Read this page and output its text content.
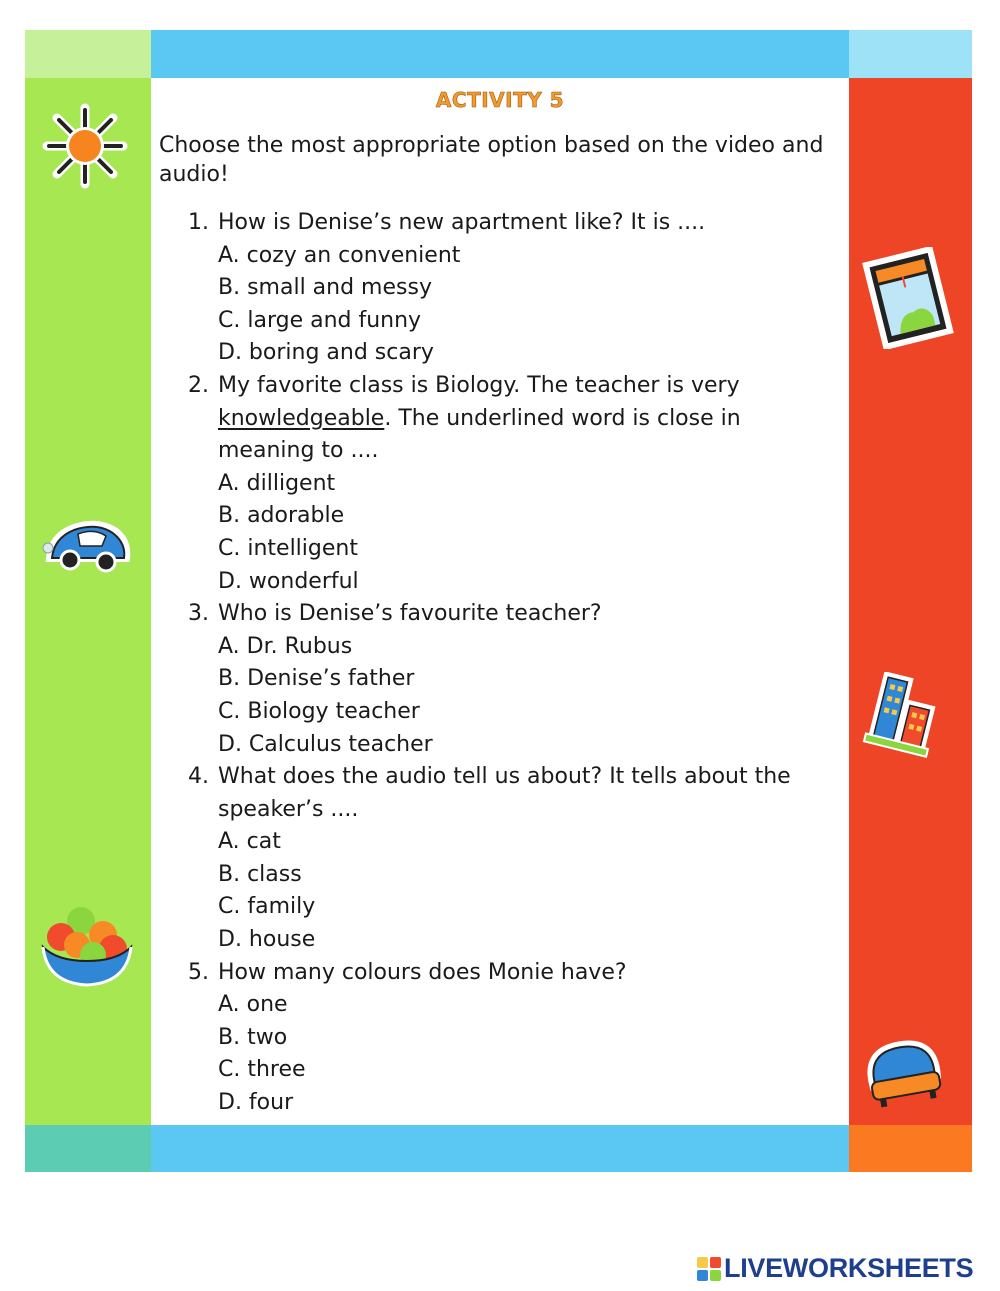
ACTIVITY 5
Choose the most appropriate option based on the video and audio!
1. How is Denise’s new apartment like? It is ....
A. cozy an convenient
B. small and messy
C. large and funny
D. boring and scary
2. My favorite class is Biology. The teacher is very knowledgeable. The underlined word is close in meaning to ....
A. dilligent
B. adorable
C. intelligent
D. wonderful
3. Who is Denise’s favourite teacher?
A. Dr. Rubus
B. Denise’s father
C. Biology teacher
D. Calculus teacher
4. What does the audio tell us about? It tells about the speaker’s ....
A. cat
B. class
C. family
D. house
5. How many colours does Monie have?
A. one
B. two
C. three
D. four
LIVEWORKSHEETS
